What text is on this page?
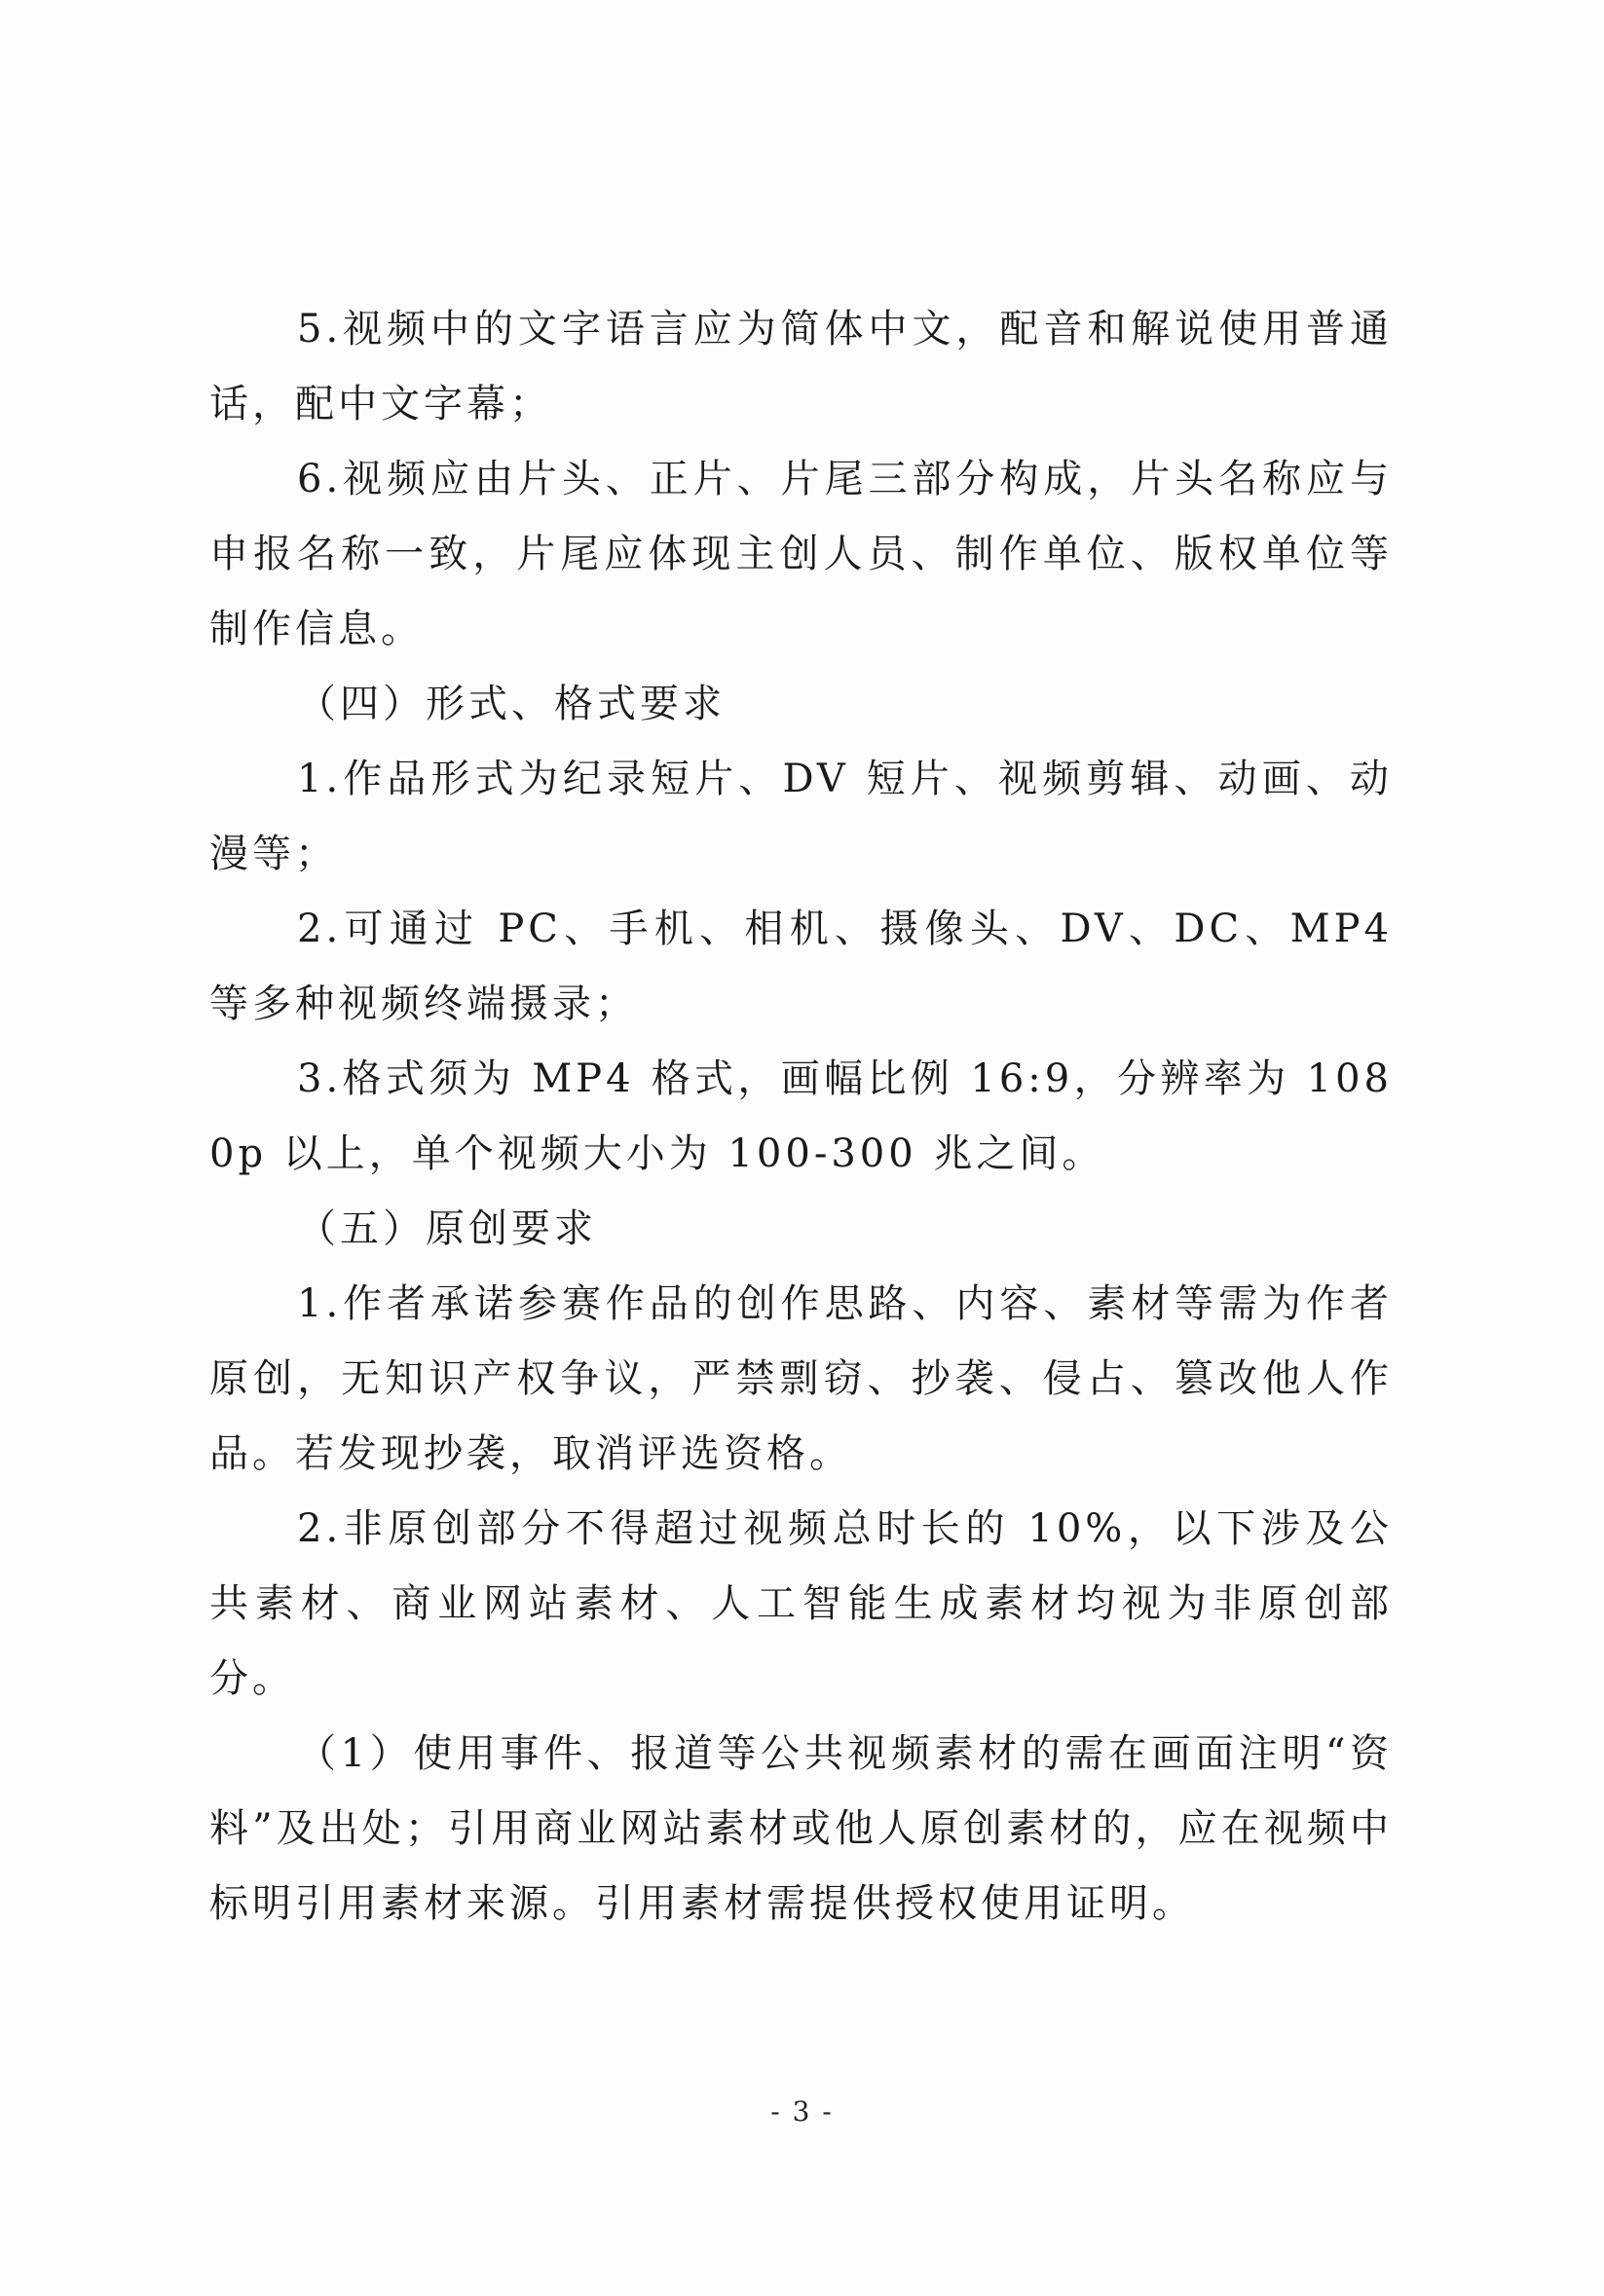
5.视频中的文字语言应为简体中文，配音和解说使用普通话，配中文字幕；

6.视频应由片头、正片、片尾三部分构成，片头名称应与申报名称一致，片尾应体现主创人员、制作单位、版权单位等制作信息。

（四）形式、格式要求

1.作品形式为纪录短片、DV 短片、视频剪辑、动画、动漫等；

2.可通过 PC、手机、相机、摄像头、DV、DC、MP4 等多种视频终端摄录；

3.格式须为 MP4 格式，画幅比例 16:9，分辨率为 1080p 以上，单个视频大小为 100-300 兆之间。

（五）原创要求

1.作者承诺参赛作品的创作思路、内容、素材等需为作者原创，无知识产权争议，严禁剽窃、抄袭、侵占、篡改他人作品。若发现抄袭，取消评选资格。

2.非原创部分不得超过视频总时长的 10%，以下涉及公共素材、商业网站素材、人工智能生成素材均视为非原创部分。

（1）使用事件、报道等公共视频素材的需在画面注明“资料”及出处；引用商业网站素材或他人原创素材的，应在视频中标明引用素材来源。引用素材需提供授权使用证明。

- 3 -
